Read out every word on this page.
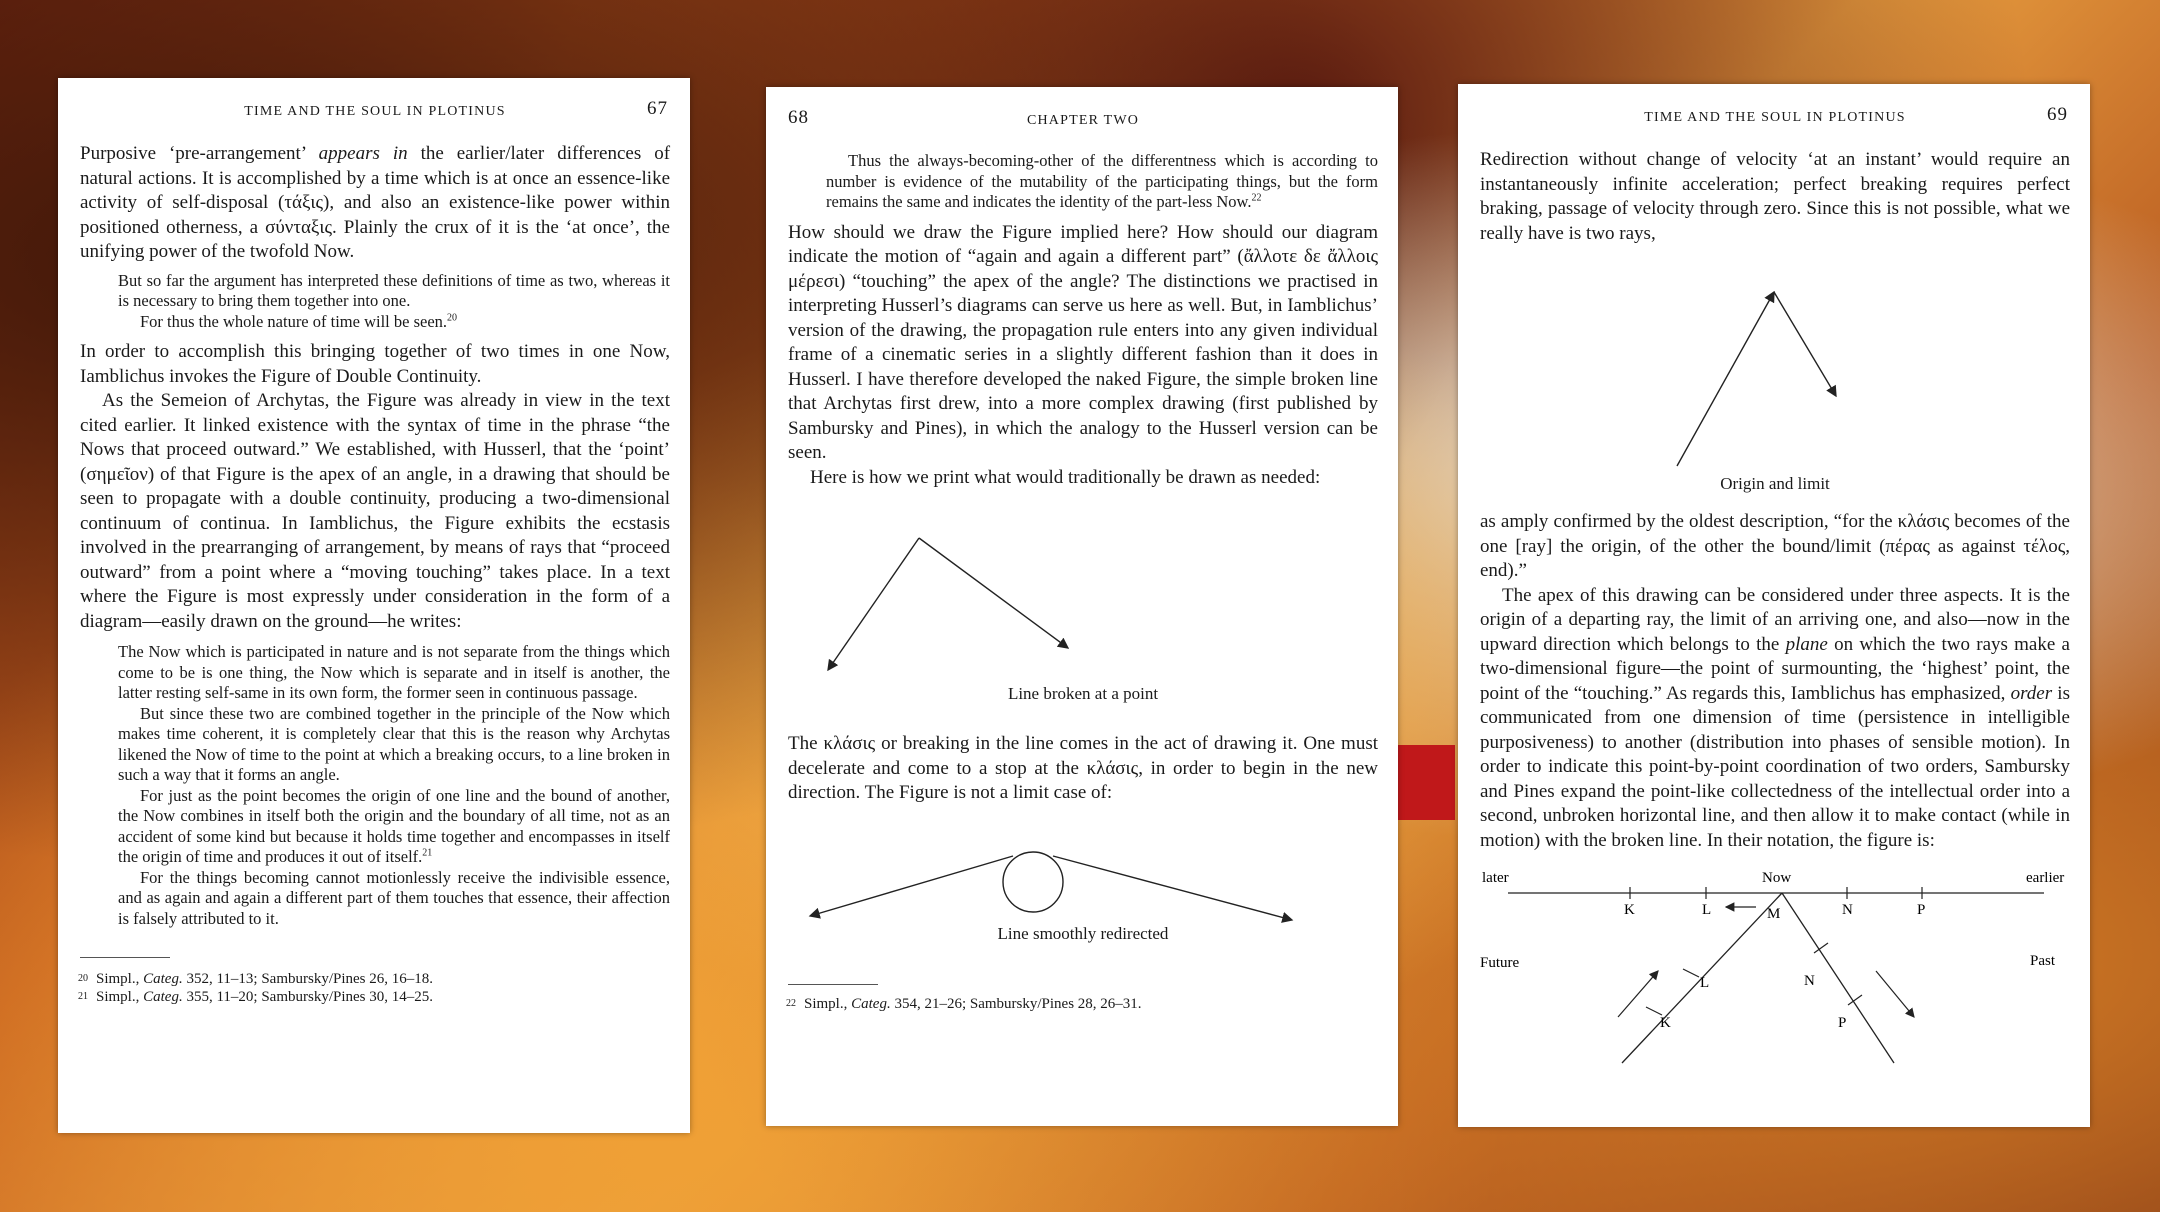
TIME AND THE SOUL IN PLOTINUS	67

Purposive ‘pre-arrangement’ appears in the earlier/later differences of natural actions. It is accomplished by a time which is at once an essence-like activity of self-disposal (τάξις), and also an existence-like power within positioned otherness, a σύνταξις. Plainly the crux of it is the ‘at once’, the unifying power of the twofold Now.

But so far the argument has interpreted these definitions of time as two, whereas it is necessary to bring them together into one.

For thus the whole nature of time will be seen.$^{20}$

In order to accomplish this bringing together of two times in one Now, Iamblichus invokes the Figure of Double Continuity.

As the Semeion of Archytas, the Figure was already in view in the text cited earlier. It linked existence with the syntax of time in the phrase “the Nows that proceed outward.” We established, with Husserl, that the ‘point’ (σημεῖον) of that Figure is the apex of an angle, in a drawing that should be seen to propagate with a double continuity, producing a two-dimensional continuum of continua. In Iamblichus, the Figure exhibits the ecstasis involved in the prearranging of arrangement, by means of rays that “proceed outward” from a point where a “moving touching” takes place. In a text where the Figure is most expressly under consideration in the form of a diagram—easily drawn on the ground—he writes:

The Now which is participated in nature and is not separate from the things which come to be is one thing, the Now which is separate and in itself is another, the latter resting self-same in its own form, the former seen in continuous passage.

But since these two are combined together in the principle of the Now which makes time coherent, it is completely clear that this is the reason why Archytas likened the Now of time to the point at which a breaking occurs, to a line broken in such a way that it forms an angle.

For just as the point becomes the origin of one line and the bound of another, the Now combines in itself both the origin and the boundary of all time, not as an accident of some kind but because it holds time together and encompasses in itself the origin of time and produces it out of itself.$^{21}$

For the things becoming cannot motionlessly receive the indivisible essence, and as again and again a different part of them touches that essence, their affection is falsely attributed to it.

20 Simpl., Categ. 352, 11–13; Sambursky/Pines 26, 16–18.
21 Simpl., Categ. 355, 11–20; Sambursky/Pines 30, 14–25.
68	CHAPTER TWO

Thus the always-becoming-other of the differentness which is according to number is evidence of the mutability of the participating things, but the form remains the same and indicates the identity of the part-less Now.$^{22}$

How should we draw the Figure implied here? How should our diagram indicate the motion of “again and again a different part” (ἄλλοτε δε ἄλλοις μέρεσι) “touching” the apex of the angle? The distinctions we practised in interpreting Husserl’s diagrams can serve us here as well. But, in Iamblichus’ version of the drawing, the propagation rule enters into any given individual frame of a cinematic series in a slightly different fashion than it does in Husserl. I have therefore developed the naked Figure, the simple broken line that Archytas first drew, into a more complex drawing (first published by Sambursky and Pines), in which the analogy to the Husserl version can be seen.

Here is how we print what would traditionally be drawn as needed:

Line broken at a point

The κλάσις or breaking in the line comes in the act of drawing it. One must decelerate and come to a stop at the κλάσις, in order to begin in the new direction. The Figure is not a limit case of:

Line smoothly redirected
22 Simpl., Categ. 354, 21–26; Sambursky/Pines 28, 26–31.
TIME AND THE SOUL IN PLOTINUS	69

Redirection without change of velocity ‘at an instant’ would require an instantaneously infinite acceleration; perfect breaking requires perfect braking, passage of velocity through zero. Since this is not possible, what we really have is two rays,

Origin and limit

as amply confirmed by the oldest description, “for the κλάσις becomes of the one [ray] the origin, of the other the bound/limit (πέρας as against τέλος, end).”

The apex of this drawing can be considered under three aspects. It is the origin of a departing ray, the limit of an arriving one, and also—now in the upward direction which belongs to the plane on which the two rays make a two-dimensional figure—the point of surmounting, the ‘highest’ point, the point of the “touching.” As regards this, Iamblichus has emphasized, order is communicated from one dimension of time (persistence in intelligible purposiveness) to another (distribution into phases of sensible motion). In order to indicate this point-by-point coordination of two orders, Sambursky and Pines expand the point-like collectedness of the intellectual order into a second, unbroken horizontal line, and then allow it to make contact (while in motion) with the broken line. In their notation, the figure is:

later	Now	earlier
K	L	N	P
M
L
K
N
P
Future	Past
